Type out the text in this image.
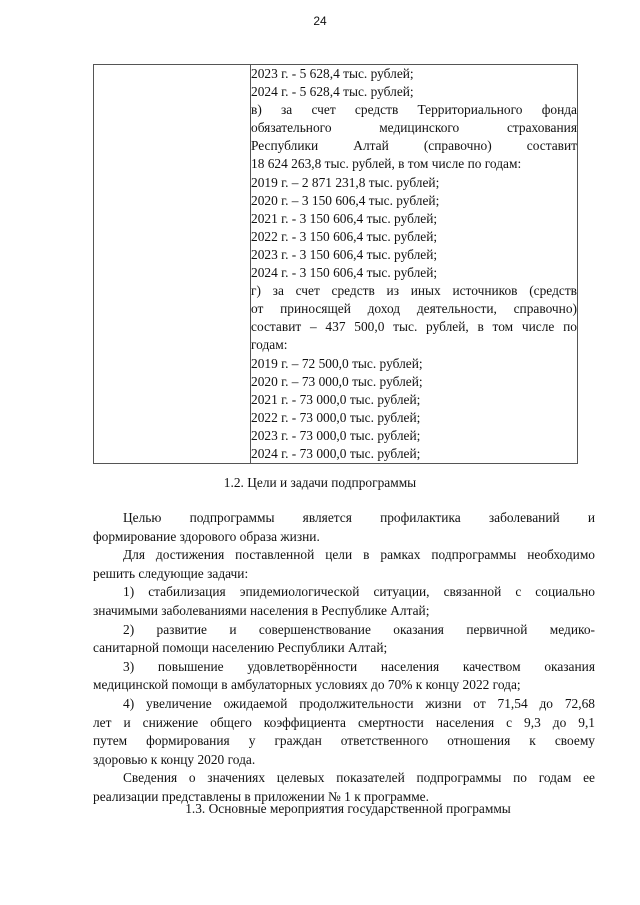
24

2023 г. - 5 628,4 тыс. рублей;
2024 г. - 5 628,4 тыс. рублей;
в) за счет средств Территориального фонда
обязательного медицинского страхования
Республики Алтай (справочно) составит
18 624 263,8 тыс. рублей, в том числе по годам:
2019 г. – 2 871 231,8 тыс. рублей;
2020 г. – 3 150 606,4 тыс. рублей;
2021 г. - 3 150 606,4 тыс. рублей;
2022 г. - 3 150 606,4 тыс. рублей;
2023 г. - 3 150 606,4 тыс. рублей;
2024 г. - 3 150 606,4 тыс. рублей;
г) за счет средств из иных источников (средств
от приносящей доход деятельности, справочно)
составит – 437 500,0 тыс. рублей, в том числе по
годам:
2019 г. – 72 500,0 тыс. рублей;
2020 г. – 73 000,0 тыс. рублей;
2021 г. - 73 000,0 тыс. рублей;
2022 г. - 73 000,0 тыс. рублей;
2023 г. - 73 000,0 тыс. рублей;
2024 г. - 73 000,0 тыс. рублей;
1.2. Цели и задачи подпрограммы
Целью подпрограммы является профилактика заболеваний и
формирование здорового образа жизни.
Для достижения поставленной цели в рамках подпрограммы необходимо
решить следующие задачи:
1) стабилизация эпидемиологической ситуации, связанной с социально
значимыми заболеваниями населения в Республике Алтай;
2) развитие и совершенствование оказания первичной медико-
санитарной помощи населению Республики Алтай;
3) повышение удовлетворённости населения качеством оказания
медицинской помощи в амбулаторных условиях до 70% к концу 2022 года;
4) увеличение ожидаемой продолжительности жизни от 71,54 до 72,68
лет и снижение общего коэффициента смертности населения с 9,3 до 9,1
путем формирования у граждан ответственного отношения к своему
здоровью к концу 2020 года.
Сведения о значениях целевых показателей подпрограммы по годам ее
реализации представлены в приложении № 1 к программе.
1.3. Основные мероприятия государственной программы
